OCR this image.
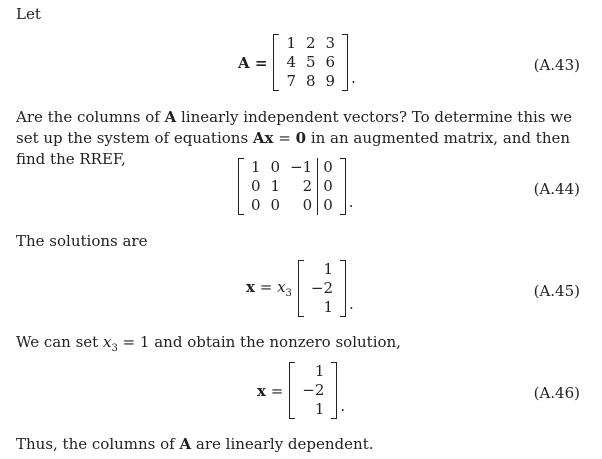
Let

A =
1	2	3
4	5	6
7	8	9 .
(A.43)

Are the columns of A linearly independent vectors? To determine this we set up the system of equations Ax = 0 in an augmented matrix, and then find the RREF,	1	0	−1	0
0	1	2	0
0	0	0	0 .
(A.44)

The solutions are

$x = x_3$
1
−2
1 .
(A.45)

We can set $x_3 = 1$ and obtain the nonzero solution,

x =
1
−2
1 .
(A.46)

Thus, the columns of A are linearly dependent.
